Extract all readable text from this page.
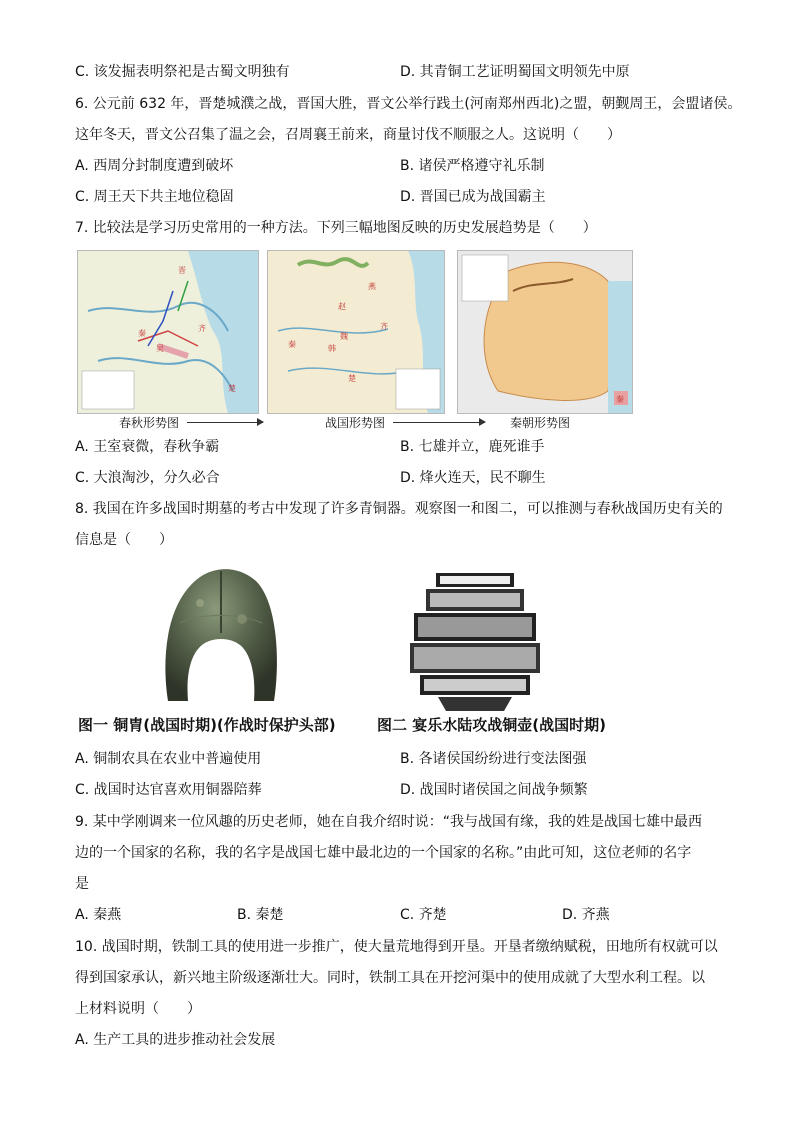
C. 该发掘表明祭祀是古蜀文明独有	D. 其青铜工艺证明蜀国文明领先中原
6. 公元前 632 年，晋楚城濮之战，晋国大胜，晋文公举行践土(河南郑州西北)之盟，朝觐周王，会盟诸侯。
这年冬天，晋文公召集了温之会，召周襄王前来，商量讨伐不顺服之人。这说明（　　）
A. 西周分封制度遭到破坏	B. 诸侯严格遵守礼乐制
C. 周王天下共主地位稳固	D. 晋国已成为战国霸主
7. 比较法是学习历史常用的一种方法。下列三幅地图反映的历史发展趋势是（　　）
楚
晋
秦
齐
吴
燕
赵
魏
韩
楚
秦
齐
秦
春秋形势图	战国形势图	秦朝形势图
A. 王室衰微，春秋争霸	B. 七雄并立，鹿死谁手
C. 大浪淘沙，分久必合	D. 烽火连天，民不聊生
8. 我国在许多战国时期墓的考古中发现了许多青铜器。观察图一和图二，可以推测与春秋战国历史有关的
信息是（　　）
图一 铜胄(战国时期)(作战时保护头部)	图二 宴乐水陆攻战铜壶(战国时期)
A. 铜制农具在农业中普遍使用	B. 各诸侯国纷纷进行变法图强
C. 战国时达官喜欢用铜器陪葬	D. 战国时诸侯国之间战争频繁
9. 某中学刚调来一位风趣的历史老师，她在自我介绍时说：“我与战国有缘，我的姓是战国七雄中最西
边的一个国家的名称，我的名字是战国七雄中最北边的一个国家的名称。”由此可知，这位老师的名字
是
A. 秦燕	B. 秦楚	C. 齐楚	D. 齐燕
10. 战国时期，铁制工具的使用进一步推广，使大量荒地得到开垦。开垦者缴纳赋税，田地所有权就可以
得到国家承认，新兴地主阶级逐渐壮大。同时，铁制工具在开挖河渠中的使用成就了大型水利工程。以
上材料说明（　　）
A. 生产工具的进步推动社会发展
